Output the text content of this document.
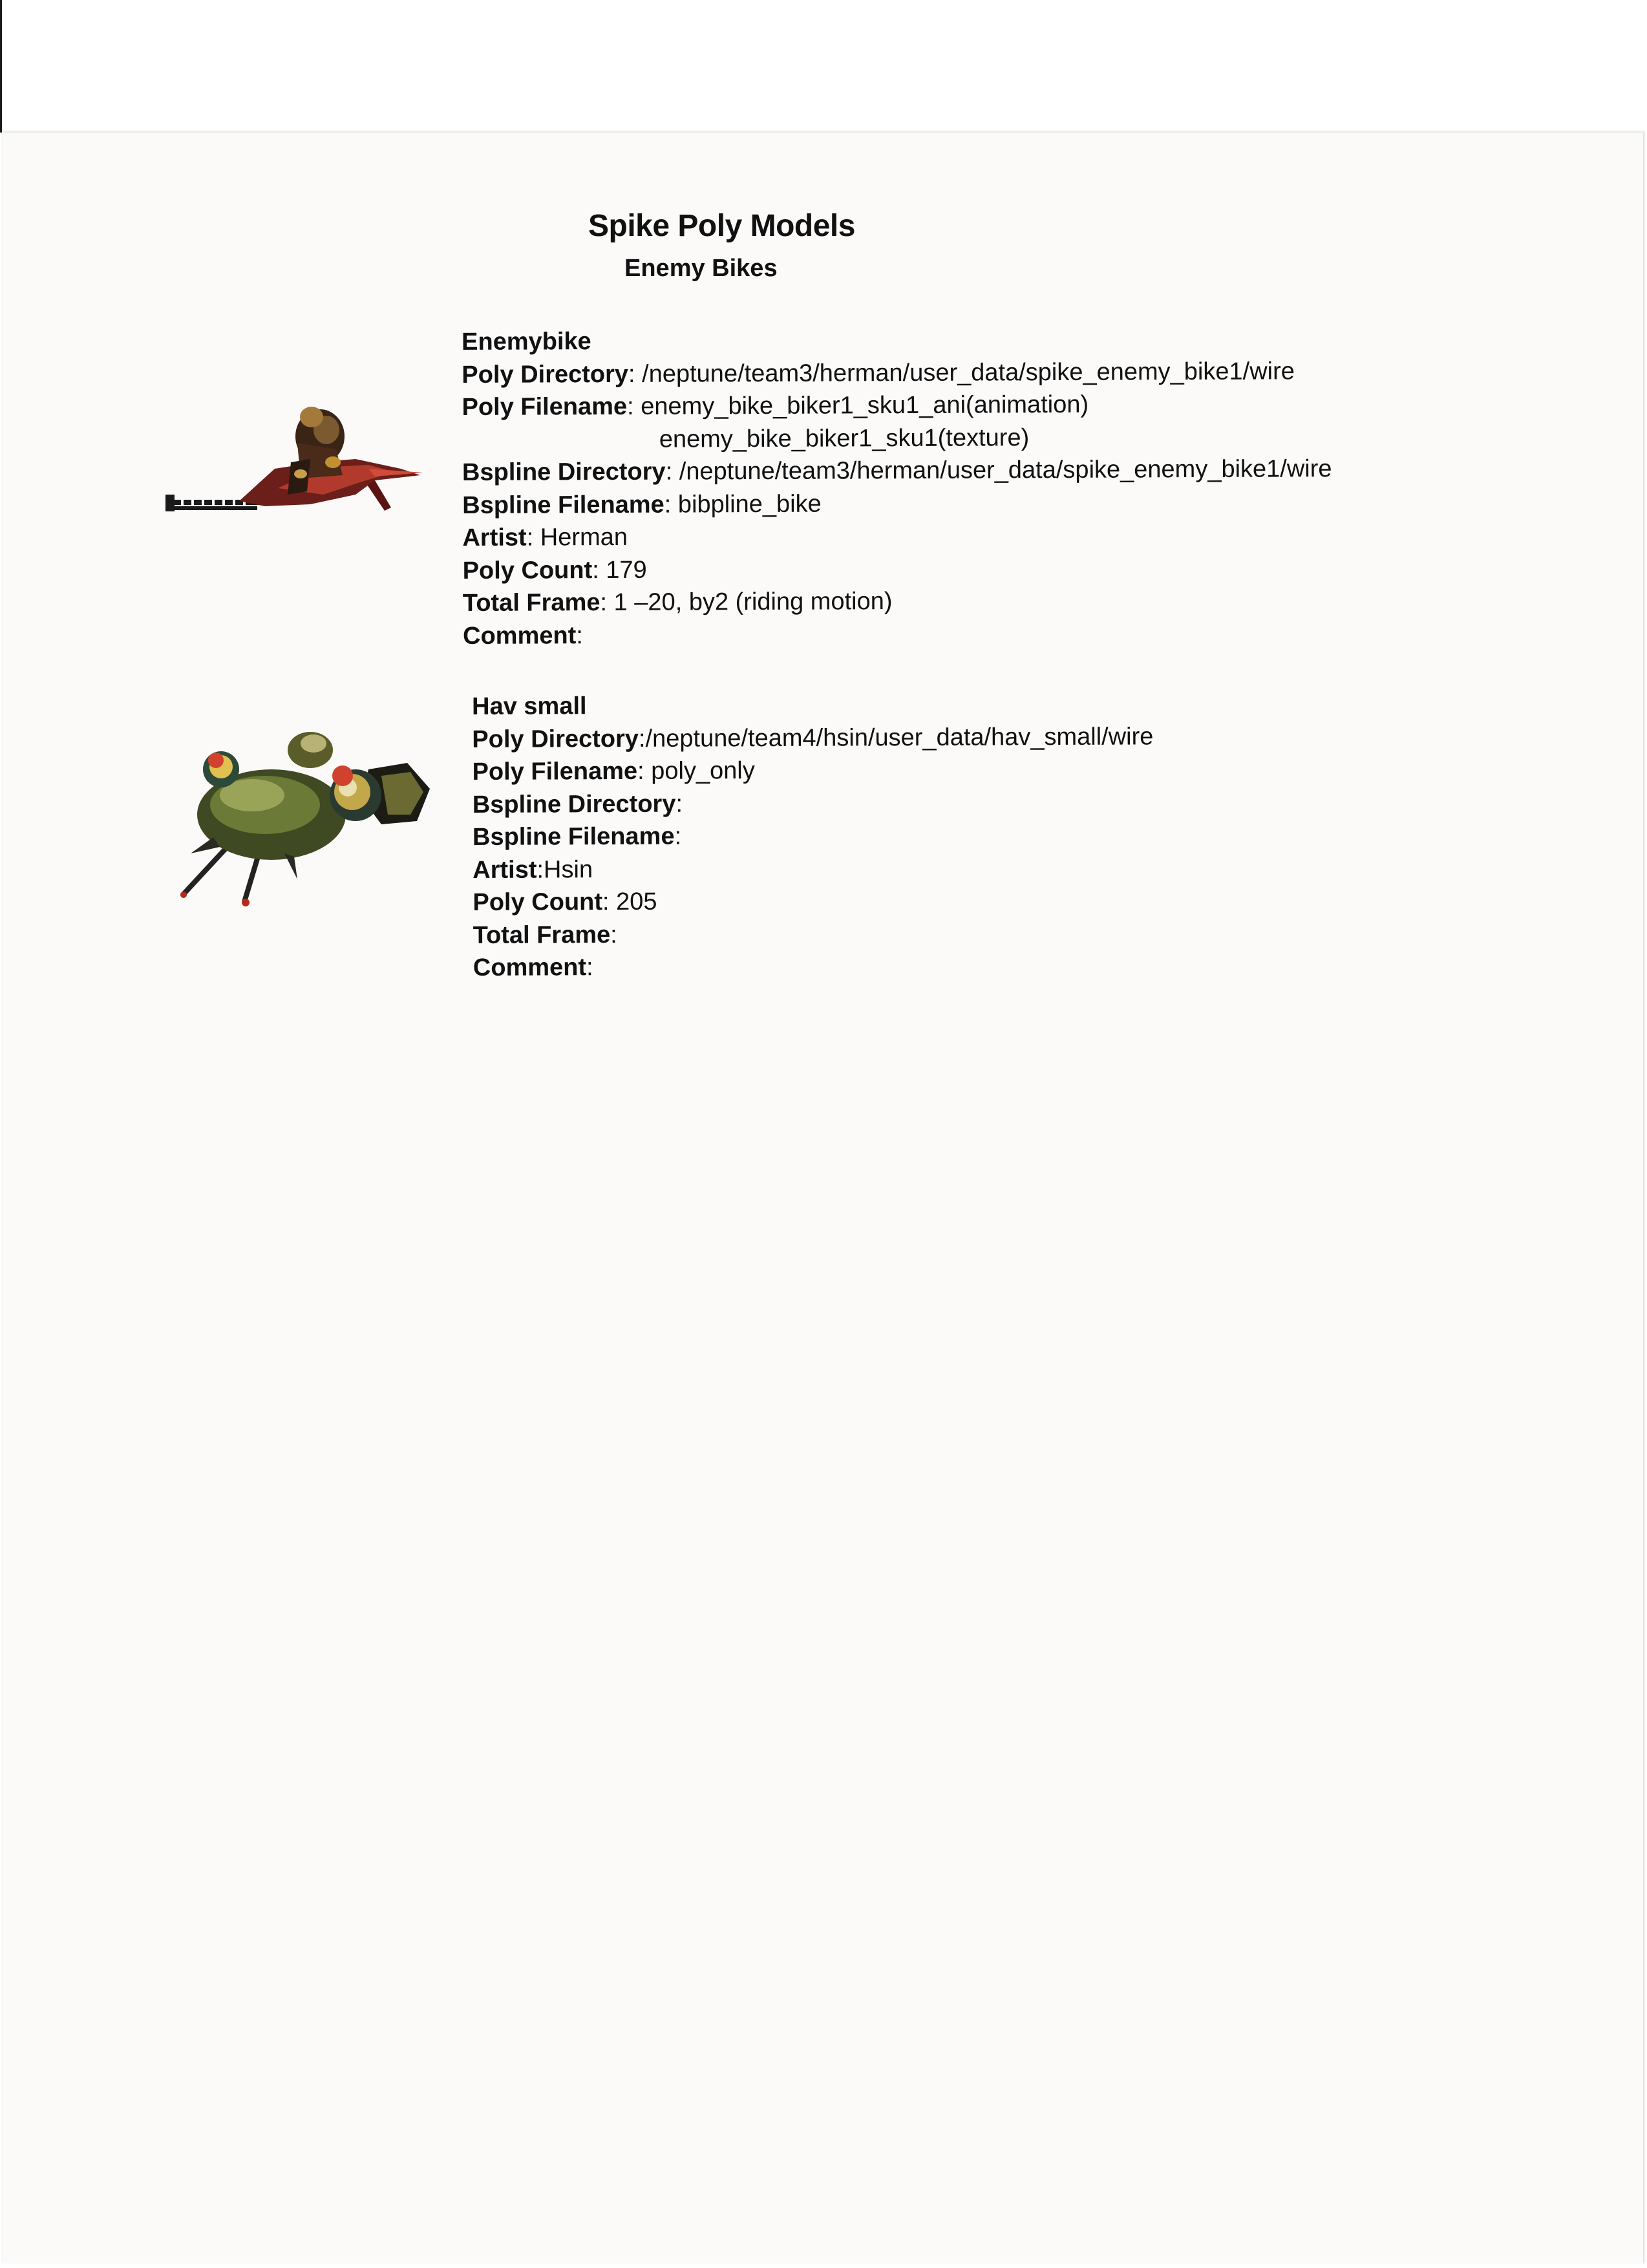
Spike Poly Models
Enemy Bikes
Enemybike
Poly Directory: /neptune/team3/herman/user_data/spike_enemy_bike1/wire
Poly Filename: enemy_bike_biker1_sku1_ani(animation)
enemy_bike_biker1_sku1(texture)
Bspline Directory: /neptune/team3/herman/user_data/spike_enemy_bike1/wire
Bspline Filename: bibpline_bike
Artist: Herman
Poly Count: 179
Total Frame: 1 –20, by2 (riding motion)
Comment:
Hav small
Poly Directory:/neptune/team4/hsin/user_data/hav_small/wire
Poly Filename: poly_only
Bspline Directory:
Bspline Filename:
Artist:Hsin
Poly Count: 205
Total Frame:
Comment:
